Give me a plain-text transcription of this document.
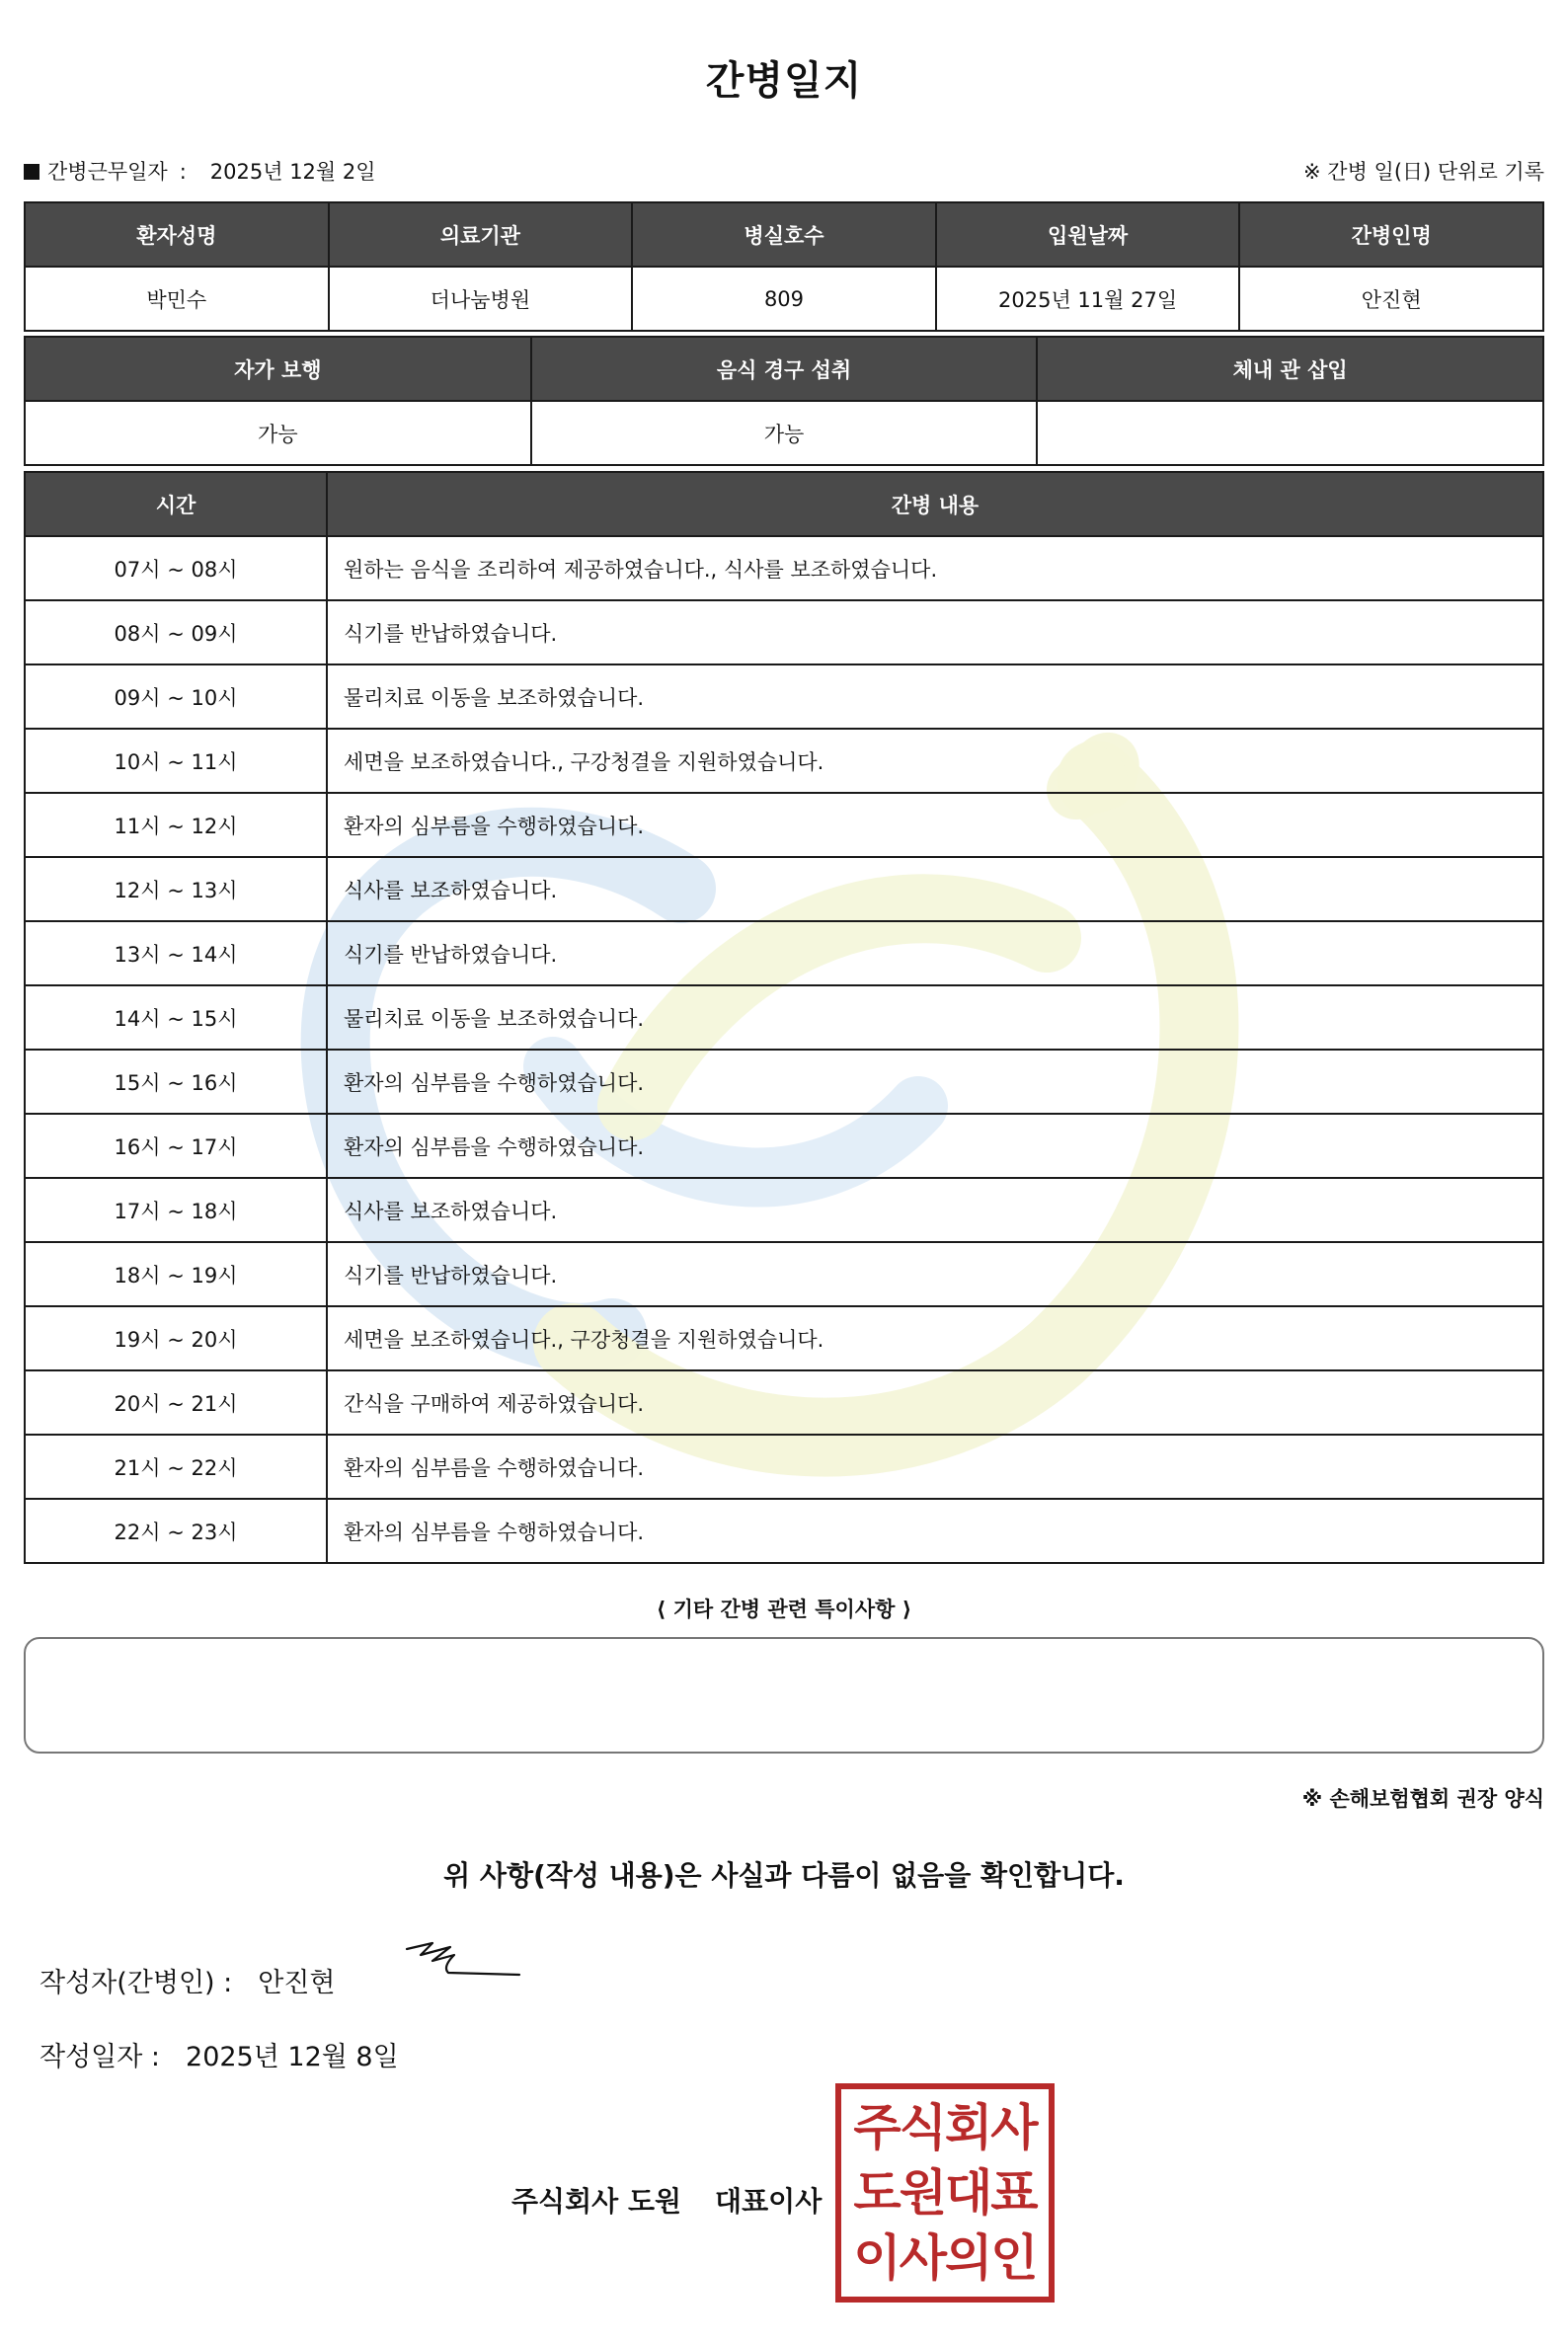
간병일지
간병근무일자 : 2025년 12월 2일	※ 간병 일(日) 단위로 기록
환자성명	의료기관	병실호수	입원날짜	간병인명
박민수	더나눔병원	809	2025년 11월 27일	안진현
자가 보행	음식 경구 섭취	체내 관 삽입
가능	가능	
시간	간병 내용
07시 ~ 08시	원하는 음식을 조리하여 제공하였습니다., 식사를 보조하였습니다.
08시 ~ 09시	식기를 반납하였습니다.
09시 ~ 10시	물리치료 이동을 보조하였습니다.
10시 ~ 11시	세면을 보조하였습니다., 구강청결을 지원하였습니다.
11시 ~ 12시	환자의 심부름을 수행하였습니다.
12시 ~ 13시	식사를 보조하였습니다.
13시 ~ 14시	식기를 반납하였습니다.
14시 ~ 15시	물리치료 이동을 보조하였습니다.
15시 ~ 16시	환자의 심부름을 수행하였습니다.
16시 ~ 17시	환자의 심부름을 수행하였습니다.
17시 ~ 18시	식사를 보조하였습니다.
18시 ~ 19시	식기를 반납하였습니다.
19시 ~ 20시	세면을 보조하였습니다., 구강청결을 지원하였습니다.
20시 ~ 21시	간식을 구매하여 제공하였습니다.
21시 ~ 22시	환자의 심부름을 수행하였습니다.
22시 ~ 23시	환자의 심부름을 수행하였습니다.
⟨ 기타 간병 관련 특이사항 ⟩
※ 손해보험협회 권장 양식
위 사항(작성 내용)은 사실과 다름이 없음을 확인합니다.
작성자(간병인) : 안진현
작성일자 : 2025년 12월 8일
주식회사 도원 대표이사
주식회사
도원대표
이사의인
